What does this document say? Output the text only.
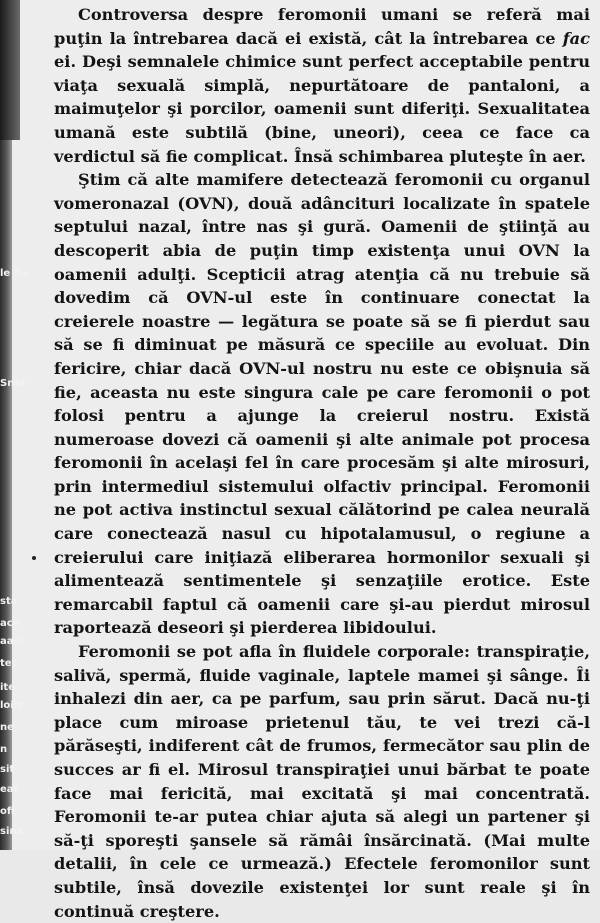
le fie
Snef
sta
ace
aaoi
tet
ite
loile
ne-
n
sit
eat
ofi
sine

Controversa despre feromonii umani se referă mai puţin la întrebarea dacă ei există, cât la întrebarea ce fac ei. Deşi semnalele chimice sunt perfect acceptabile pentru viaţa sexuală simplă, nepurtătoare de pantaloni, a maimuţelor şi porcilor, oamenii sunt diferiţi. Sexualitatea umană este subtilă (bine, uneori), ceea ce face ca verdictul să fie complicat. Însă schimbarea pluteşte în aer.

Ştim că alte mamifere detectează feromonii cu organul vomeronazal (OVN), două adâncituri localizate în spatele septului nazal, între nas şi gură. Oamenii de ştiinţă au descoperit abia de puţin timp existenţa unui OVN la oamenii adulţi. Scepticii atrag atenţia că nu trebuie să dovedim că OVN-ul este în continuare conectat la creierele noastre — legătura se poate să se fi pierdut sau să se fi diminuat pe măsură ce speciile au evoluat. Din fericire, chiar dacă OVN-ul nostru nu este ce obişnuia să fie, aceasta nu este singura cale pe care feromonii o pot folosi pentru a ajunge la creierul nostru. Există numeroase dovezi că oamenii şi alte animale pot procesa feromonii în acelaşi fel în care procesăm şi alte mirosuri, prin intermediul sistemului olfactiv principal. Feromonii ne pot activa instinctul sexual călătorind pe calea neurală care conectează nasul cu hipotalamusul, o regiune a creierului care iniţiază eliberarea hormonilor sexuali şi alimentează sentimentele şi senzaţiile erotice. Este remarcabil faptul că oamenii care şi-au pierdut mirosul raportează deseori şi pierderea libidoului.

Feromonii se pot afla în fluidele corporale: transpiraţie, salivă, spermă, fluide vaginale, laptele mamei şi sânge. Îi inhalezi din aer, ca pe parfum, sau prin sărut. Dacă nu-ţi place cum miroase prietenul tău, te vei trezi că-l părăseşti, indiferent cât de frumos, fermecător sau plin de succes ar fi el. Mirosul transpiraţiei unui bărbat te poate face mai fericită, mai excitată şi mai concentrată. Feromonii te-ar putea chiar ajuta să alegi un partener şi să-ţi sporeşti şansele să rămâi însărcinată. (Mai multe detalii, în cele ce urmează.) Efectele feromonilor sunt subtile, însă dovezile existenţei lor sunt reale şi în continuă creştere.
